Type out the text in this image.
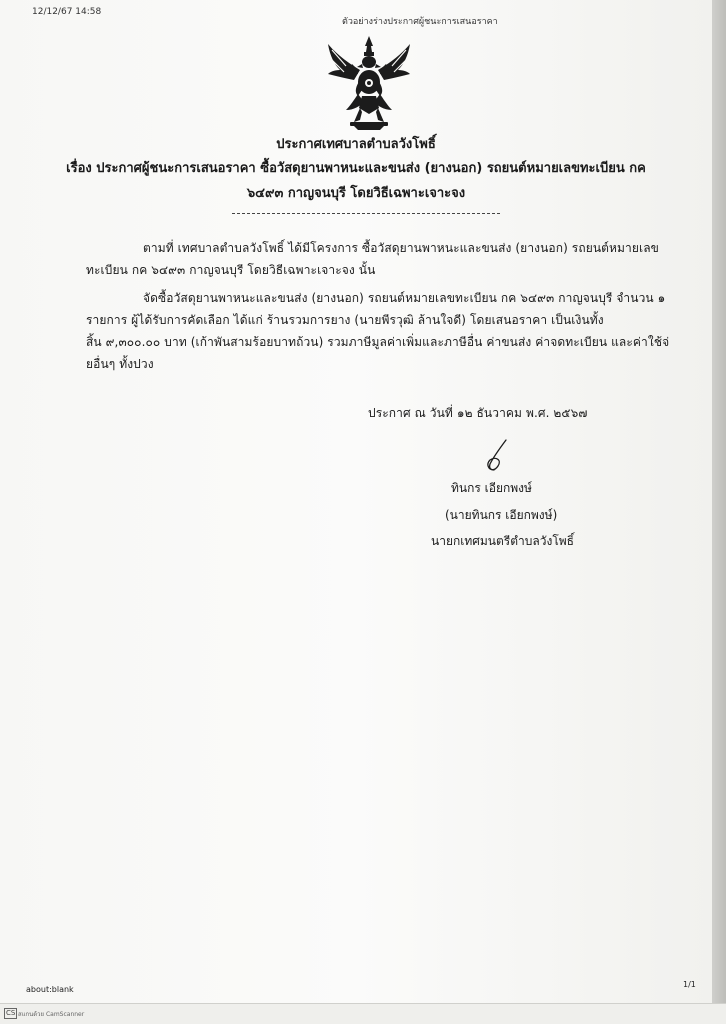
12/12/67 14:58
ตัวอย่างร่างประกาศผู้ชนะการเสนอราคา
ประกาศเทศบาลตำบลวังโพธิ์
เรื่อง ประกาศผู้ชนะการเสนอราคา ซื้อวัสดุยานพาหนะและขนส่ง (ยางนอก) รถยนต์หมายเลขทะเบียน กค
๖๔๙๓ กาญจนบุรี โดยวิธีเฉพาะเจาะจง
ตามที่ เทศบาลตำบลวังโพธิ์ ได้มีโครงการ ซื้อวัสดุยานพาหนะและขนส่ง (ยางนอก) รถยนต์หมายเลข
ทะเบียน กค ๖๔๙๓ กาญจนบุรี โดยวิธีเฉพาะเจาะจง นั้น
จัดซื้อวัสดุยานพาหนะและขนส่ง (ยางนอก) รถยนต์หมายเลขทะเบียน กค ๖๔๙๓ กาญจนบุรี จำนวน ๑
รายการ ผู้ได้รับการคัดเลือก ได้แก่ ร้านรวมการยาง (นายพีรวุฒิ ล้านใจดี) โดยเสนอราคา เป็นเงินทั้ง
สิ้น ๙,๓๐๐.๐๐ บาท (เก้าพันสามร้อยบาทถ้วน) รวมภาษีมูลค่าเพิ่มและภาษีอื่น ค่าขนส่ง ค่าจดทะเบียน และค่าใช้จ่
ยอื่นๆ ทั้งปวง
ประกาศ ณ วันที่ ๑๒ ธันวาคม พ.ศ. ๒๕๖๗
ทินกร เอียกพงษ์
(นายทินกร เอียกพงษ์)
นายกเทศมนตรีตำบลวังโพธิ์
about:blank
1/1
CS สแกนด้วย CamScanner
